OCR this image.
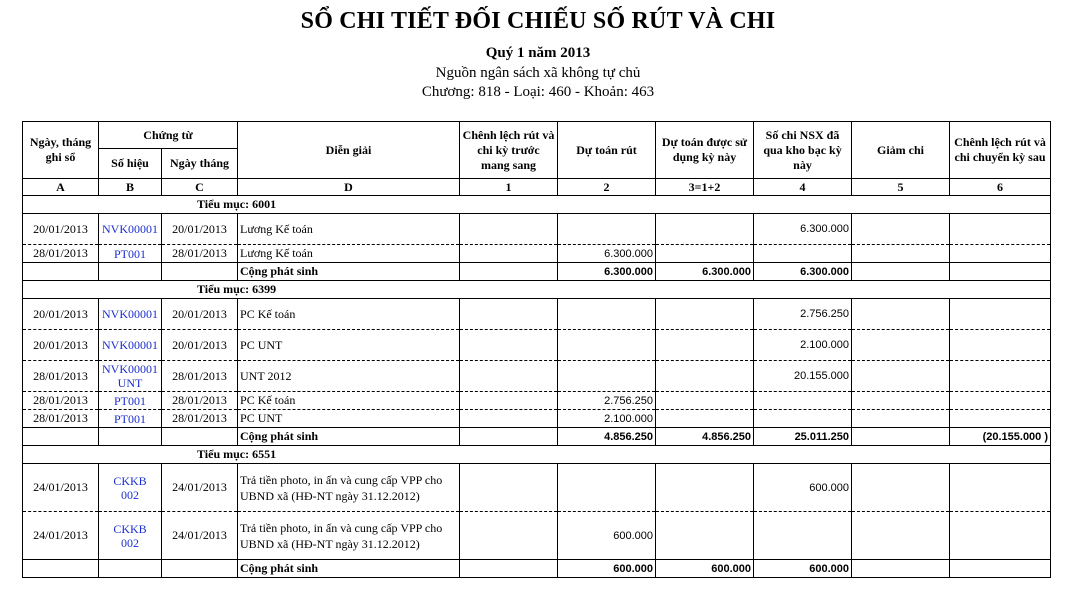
SỔ CHI TIẾT ĐỐI CHIẾU SỐ RÚT VÀ CHI
Quý 1 năm 2013
Nguồn ngân sách xã không tự chủ
Chương: 818 - Loại: 460 - Khoản: 463
Ngày, tháng ghi sổ	Chứng từ		Diễn giải	Chênh lệch rút và chi kỳ trước mang sang	Dự toán rút	Dự toán được sử dụng kỳ này	Số chi NSX đã qua kho bạc kỳ này	Giảm chi	Chênh lệch rút và chi chuyển kỳ sau
	Số hiệu	Ngày tháng							
A	B	C	D	1	2	3=1+2	4	5	6
Tiểu mục: 6001									
20/01/2013	NVK00001	20/01/2013	Lương Kế toán				6.300.000		
28/01/2013	PT001	28/01/2013	Lương Kế toán		6.300.000				
			Cộng phát sinh		6.300.000	6.300.000	6.300.000		
Tiểu mục: 6399									
20/01/2013	NVK00001	20/01/2013	PC Kế toán				2.756.250		
20/01/2013	NVK00001	20/01/2013	PC UNT				2.100.000		
28/01/2013	NVK00001UNT	28/01/2013	UNT 2012				20.155.000		
28/01/2013	PT001	28/01/2013	PC Kế toán		2.756.250				
28/01/2013	PT001	28/01/2013	PC UNT		2.100.000				
			Cộng phát sinh		4.856.250	4.856.250	25.011.250		(20.155.000 )
Tiểu mục: 6551									
24/01/2013	CKKB002	24/01/2013	Trả tiền photo, in ấn và cung cấp VPP cho UBND xã (HĐ-NT ngày 31.12.2012)				600.000		
24/01/2013	CKKB002	24/01/2013	Trả tiền photo, in ấn và cung cấp VPP cho UBND xã (HĐ-NT ngày 31.12.2012)		600.000				
			Cộng phát sinh		600.000	600.000	600.000		
